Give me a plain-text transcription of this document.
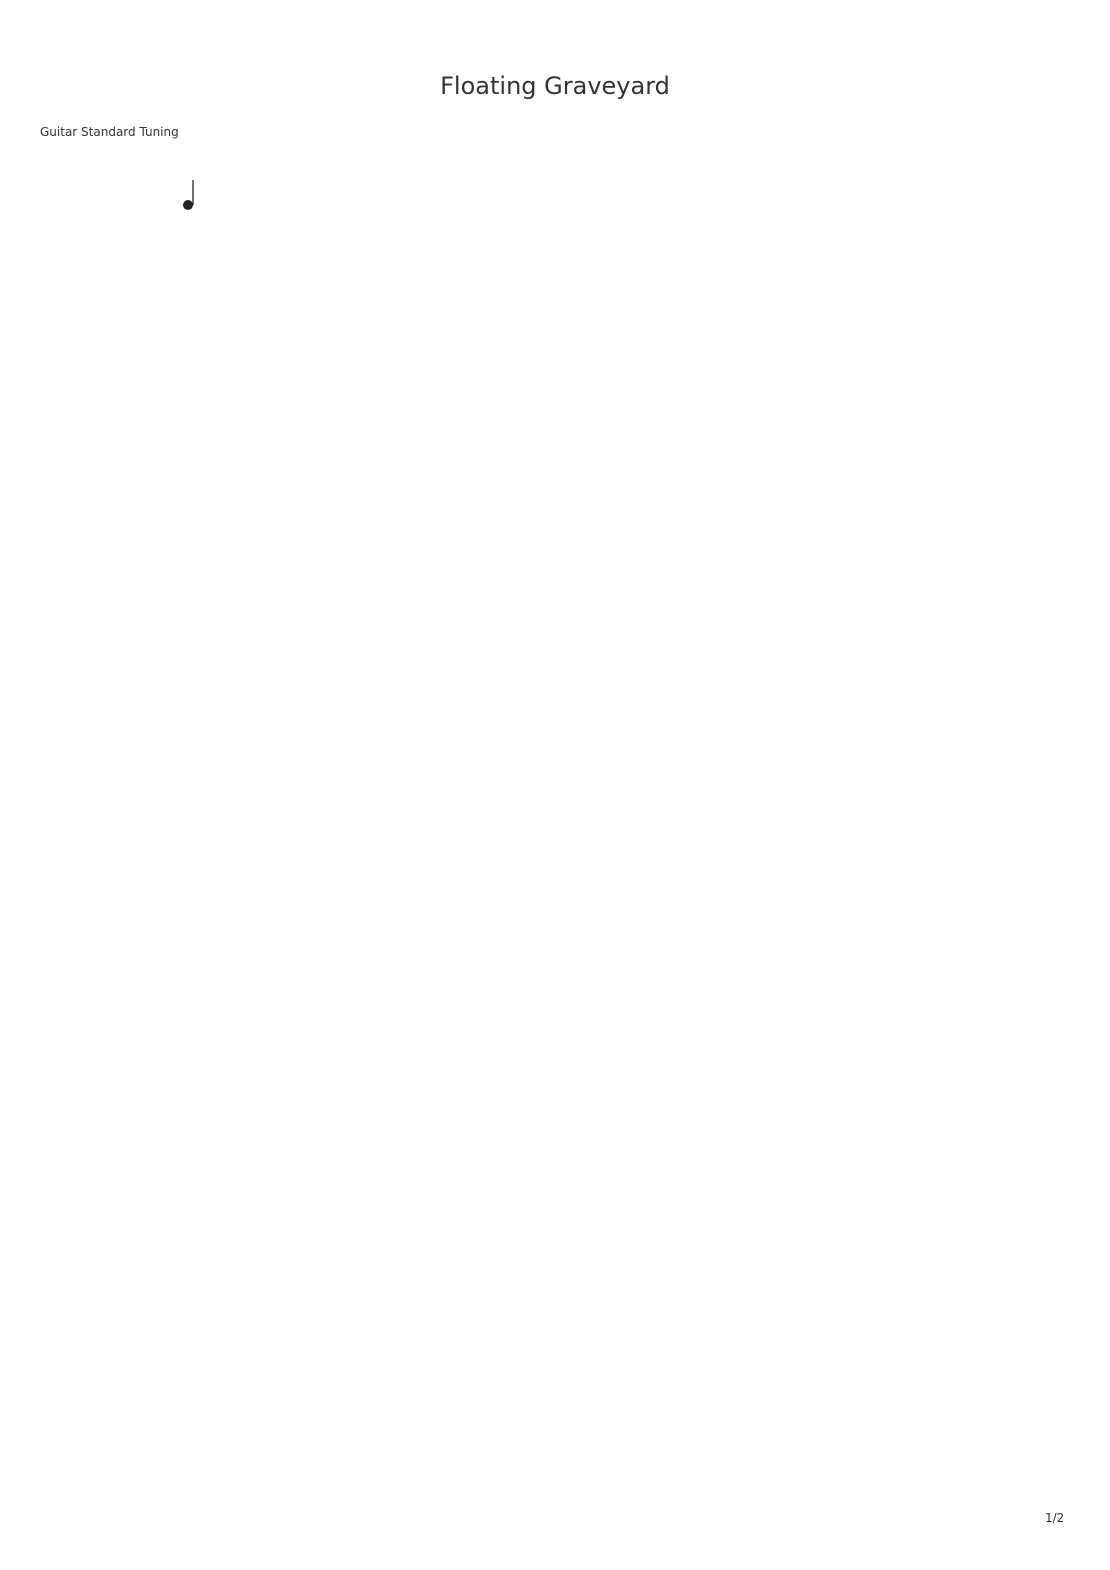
Floating Graveyard
Guitar Standard Tuning
1/2
